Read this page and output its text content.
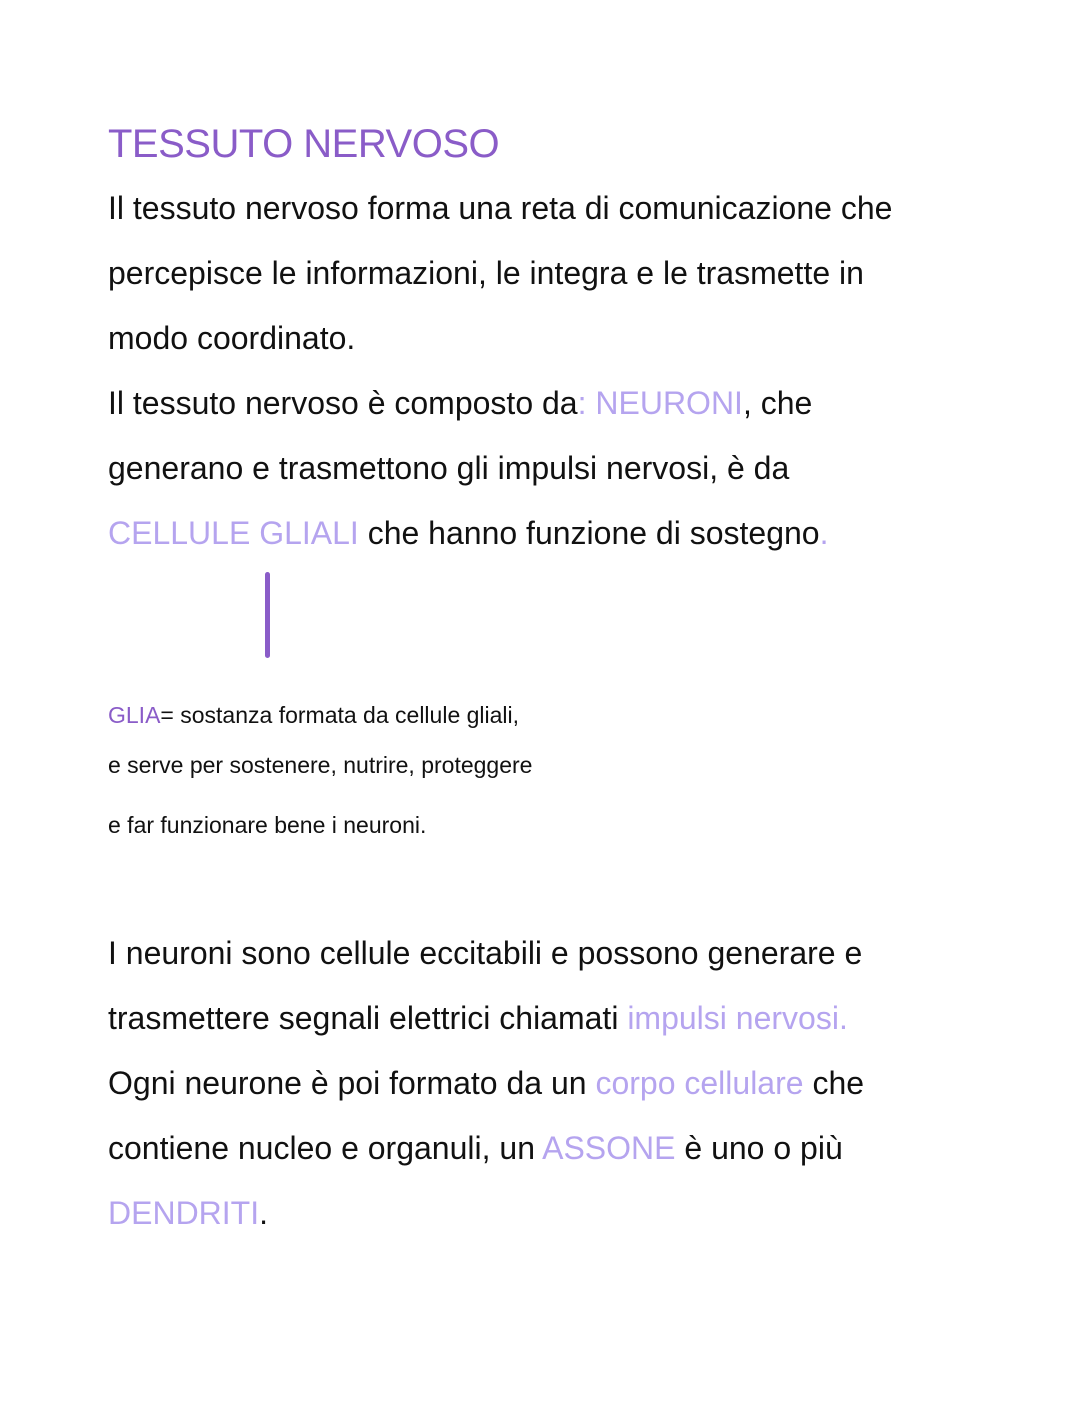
TESSUTO NERVOSO
Il tessuto nervoso forma una reta di comunicazione che
percepisce le informazioni, le integra e le trasmette in
modo coordinato.
Il tessuto nervoso è composto da: NEURONI, che
generano e trasmettono gli impulsi nervosi, è da
CELLULE GLIALI che hanno funzione di sostegno.
GLIA= sostanza formata da cellule gliali,
e serve per sostenere, nutrire, proteggere
e far funzionare bene i neuroni.
I neuroni sono cellule eccitabili e possono generare e
trasmettere segnali elettrici chiamati impulsi nervosi.
Ogni neurone è poi formato da un corpo cellulare che
contiene nucleo e organuli, un ASSONE è uno o più
DENDRITI.
